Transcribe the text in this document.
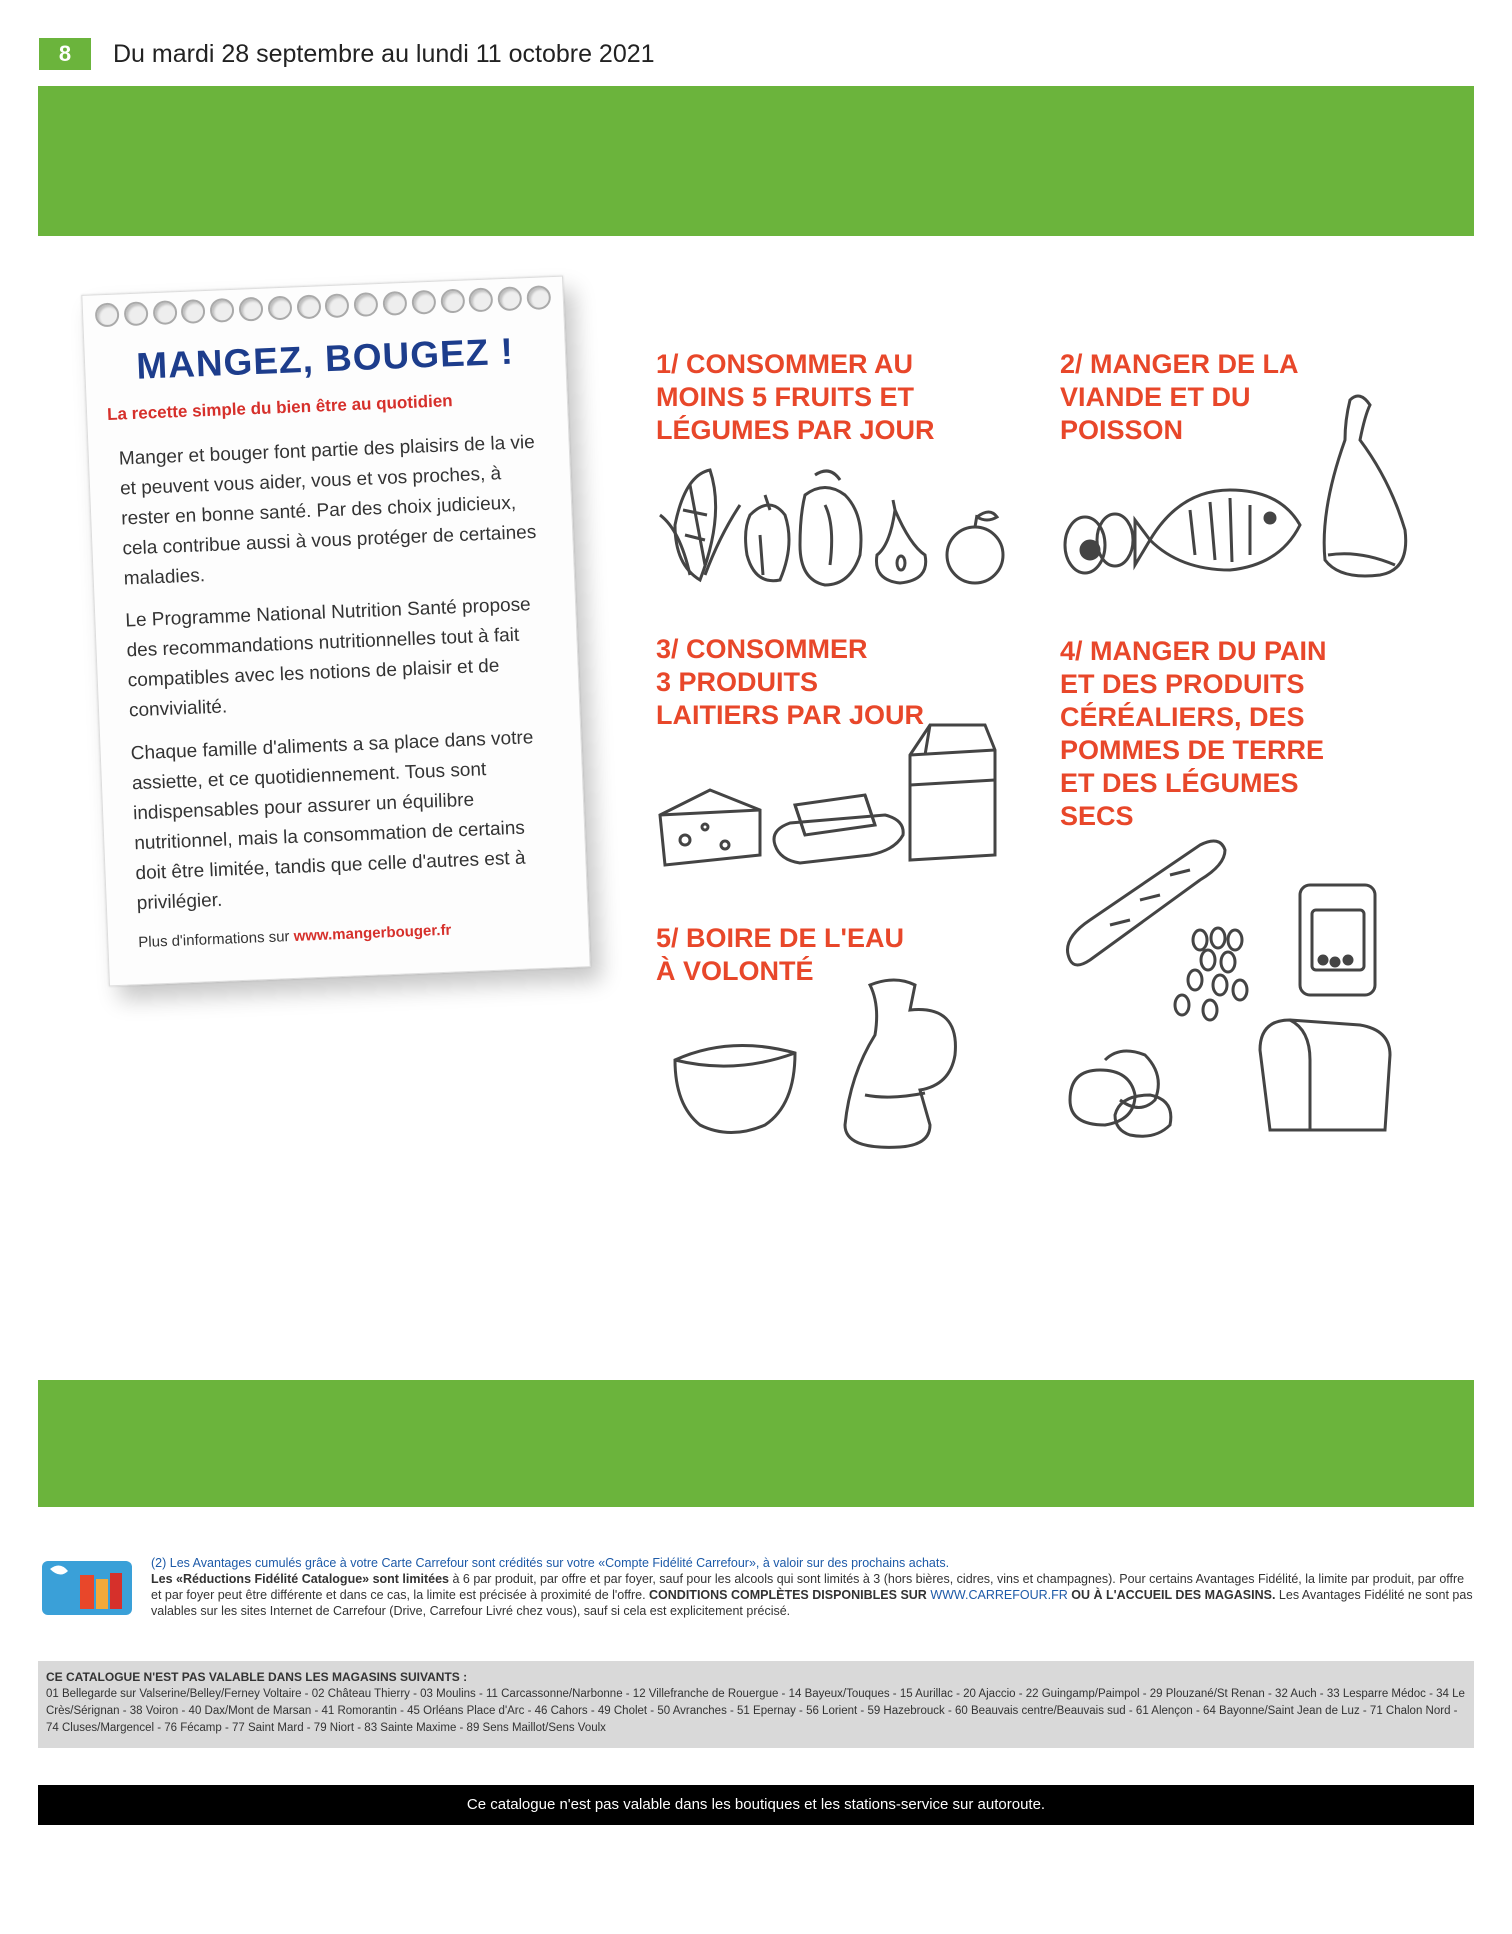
8	Du mardi 28 septembre au lundi 11 octobre 2021
MANGEZ, BOUGEZ !
La recette simple du bien être au quotidien
Manger et bouger font partie des plaisirs de la vie et peuvent vous aider, vous et vos proches, à rester en bonne santé. Par des choix judicieux, cela contribue aussi à vous protéger de certaines maladies.
Le Programme National Nutrition Santé propose des recommandations nutritionnelles tout à fait compatibles avec les notions de plaisir et de convivialité.
Chaque famille d'aliments a sa place dans votre assiette, et ce quotidiennement. Tous sont indispensables pour assurer un équilibre nutritionnel, mais la consommation de certains doit être limitée, tandis que celle d'autres est à privilégier.
Plus d'informations sur www.mangerbouger.fr
1/ CONSOMMER AU
MOINS 5 FRUITS ET
LÉGUMES PAR JOUR
2/ MANGER DE LA
VIANDE ET DU
POISSON
3/ CONSOMMER
3 PRODUITS
LAITIERS PAR JOUR
4/ MANGER DU PAIN
ET DES PRODUITS
CÉRÉALIERS, DES
POMMES DE TERRE
ET DES LÉGUMES
SECS
5/ BOIRE DE L'EAU
À VOLONTÉ
(2) Les Avantages cumulés grâce à votre Carte Carrefour sont crédités sur votre «Compte Fidélité Carrefour», à valoir sur des prochains achats.
Les «Réductions Fidélité Catalogue» sont limitées à 6 par produit, par offre et par foyer, sauf pour les alcools qui sont limités à 3 (hors bières, cidres, vins et champagnes). Pour certains Avantages Fidélité, la limite par produit, par offre et par foyer peut être différente et dans ce cas, la limite est précisée à proximité de l'offre. CONDITIONS COMPLÈTES DISPONIBLES SUR WWW.CARREFOUR.FR OU À L'ACCUEIL DES MAGASINS. Les Avantages Fidélité ne sont pas valables sur les sites Internet de Carrefour (Drive, Carrefour Livré chez vous), sauf si cela est explicitement précisé.
CE CATALOGUE N'EST PAS VALABLE DANS LES MAGASINS SUIVANTS :
01 Bellegarde sur Valserine/Belley/Ferney Voltaire - 02 Château Thierry - 03 Moulins - 11 Carcassonne/Narbonne - 12 Villefranche de Rouergue - 14 Bayeux/Touques - 15 Aurillac - 20 Ajaccio - 22 Guingamp/Paimpol - 29 Plouzané/St Renan - 32 Auch - 33 Lesparre Médoc - 34 Le Crès/Sérignan - 38 Voiron - 40 Dax/Mont de Marsan - 41 Romorantin - 45 Orléans Place d'Arc - 46 Cahors - 49 Cholet - 50 Avranches - 51 Epernay - 56 Lorient - 59 Hazebrouck - 60 Beauvais centre/Beauvais sud - 61 Alençon - 64 Bayonne/Saint Jean de Luz - 71 Chalon Nord - 74 Cluses/Margencel - 76 Fécamp - 77 Saint Mard - 79 Niort - 83 Sainte Maxime - 89 Sens Maillot/Sens Voulx
Ce catalogue n'est pas valable dans les boutiques et les stations-service sur autoroute.
